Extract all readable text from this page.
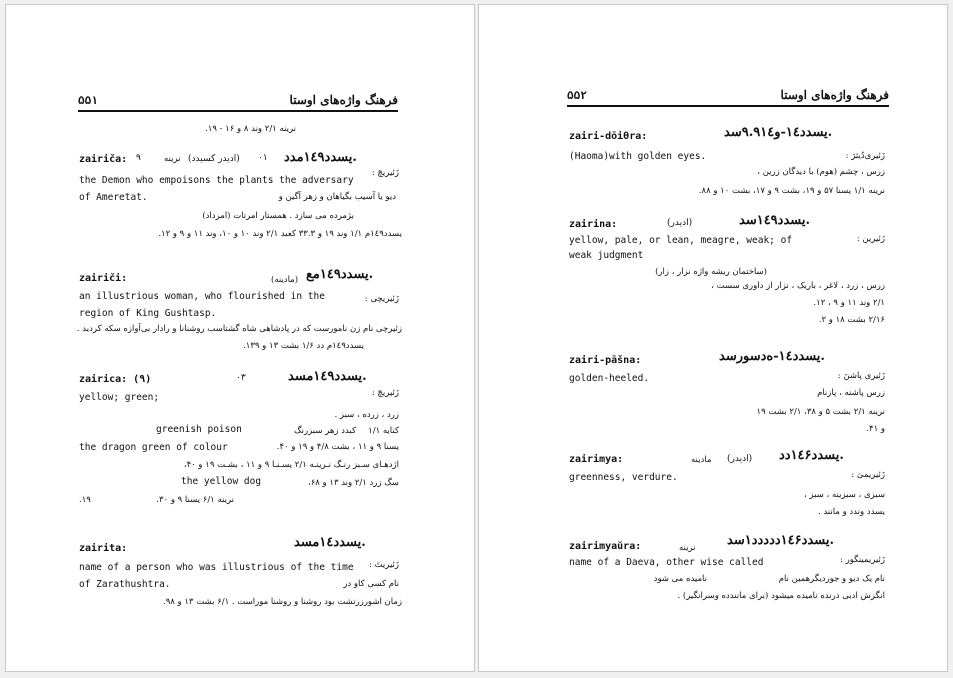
۵۵۱	فرهنگ واژه‌های اوستا
نرینه ۲/۱ وند ۸ و ۱۶ - ۱۹.
zairiča: ۹	(ادیدر کسیدد)
نرینه	۰۱ یسدد١٤٩مدد.
زَئیریچَ :
the Demon who empoisons the plants the adversary
دیو یا آسیب بگیاهان و زهر آگین و
of Ameretat.
بژمرده می سازد . همستار امرتات (امرداد)
یسدد١٤٩م ۱/۱ وند ۱۹ و ۳۳.۳ کعبد ۲/۱ وند ۱۰ و ۱۰، وند ۱۱ و ۹ و ۱۲.
zairiči:	(مادینه) یسدد١٤٩مع.
an illustrious woman, who flourished in the	زَئیریچی :
region of King Gushtasp.
زئیرچی نام زن نامورست که در پادشاهی شاه گشتاسب روشنانا و رادار بی‌آوازه سکه کردید .
یسدد١٤٩م دد ۱/۶ بشت ۱۳ و ۱۳۹.
zairica: (٩)	۰۳	یسدد١٤٩مسد.
yellow; green;	زَئیریچَ :
زرد ، زرده ، سبز .
greenish poison	کبدد زهر سبزرنگ کنایه ۱/۱
the dragon green of colour	یسنا ۹ و ۱۱ ، بشت ۴/۸ و ۱۹ و ۴۰.
اژدهـای سـبز رنـگ نـرینـه ۲/۱ یسـنـا ۹ و ۱۱ ، بشـت ۱۹ و ۴۰،
the yellow dog	سگ زرد ۲/۱ وند ۱۳ و ۶۸،
۱۹.	نرینه ۶/۱ یسنا ۹ و ۳۰.
zairita:	یسدد١٤مسد.
name of a person who was illustrious of the time زَئیریتَ :
of Zarathushtra.	نام کسی کاو در
زمان اشورزرتشت بود روشنا و روشنا موراست . ۶/۱ بشت ۱۳ و ۹۸.
۵۵۲	فرهنگ واژه‌های اوستا
zairi-dōiθra:	یسدد١٤-و٩.٩١٤سد.
(Haoma)with golden eyes.	زَئیری‌دُیثرَ :
زرس ، چشم (هوم) با دیدگان زرین ،
نرینه ۱/۱ یسنا ۵۷ و ۱۹، بشت ۹ و ۱۷، بشت ۱۰ و ۸۸.
zairina:	(ادیدر)	یسدد١٤۹سد.
yellow, pale, or lean, meagre, weak; of	زَئیرین :
weak judgment
(ساختمان ریشه واژه نزار ، زار)
زرس ، زرد ، لاغر ، باریک ، نزار از داوری سست ،
۲/۱ وند ۱۱ و ۹ ، ۱۲.
۲/۱۶ بشت ۱۸ و ۲.
zairi-pāšna:	یسدد١٤-ەدسورسد.
golden-heeled.	زَئیری پاشنَ :
زرس پاشنه ، پازنام
نرینه ۲/۱ بشت ۵ و ۳۸، ۲/۱ بشت ۱۹
و ۴۱.
zairimya:	(ادیدر)
مادینه	یسدد١٤۶دد.
greenness, verdure.	زَئیریمیَ :
سبزی ، سبزینه ، سبز ،
یسدد وندد و مانند .
zairimyaŭra:	نرینه یسدد١٤۶ددددد١سد.
name of a Daeva, other wise called	زَئیریمینگور :
نام یک دیو و جوردیگرهمین نام
نامیده می شود
انگزش ادبی درنده نامیده میشود (برای مانندده وسرانگیر) .
